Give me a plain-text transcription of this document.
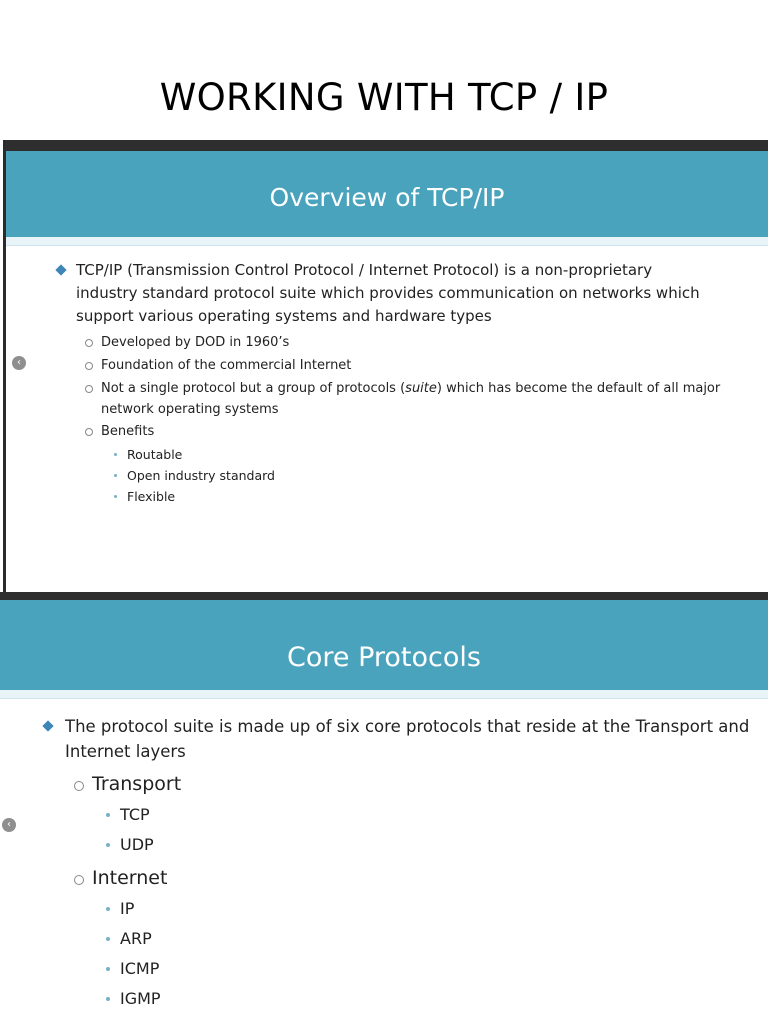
WORKING WITH TCP / IP
Overview of TCP/IP
‹
TCP/IP (Transmission Control Protocol / Internet Protocol) is a non-proprietary
industry standard protocol suite which provides communication on networks which
support various operating systems and hardware types
Developed by DOD in 1960’s
Foundation of the commercial Internet
Not a single protocol but a group of protocols (suite) which has become the default of all major
network operating systems
Benefits
Routable
Open industry standard
Flexible
Core Protocols
‹
The protocol suite is made up of six core protocols that reside at the Transport and
Internet layers
Transport
TCP
UDP
Internet
IP
ARP
ICMP
IGMP
